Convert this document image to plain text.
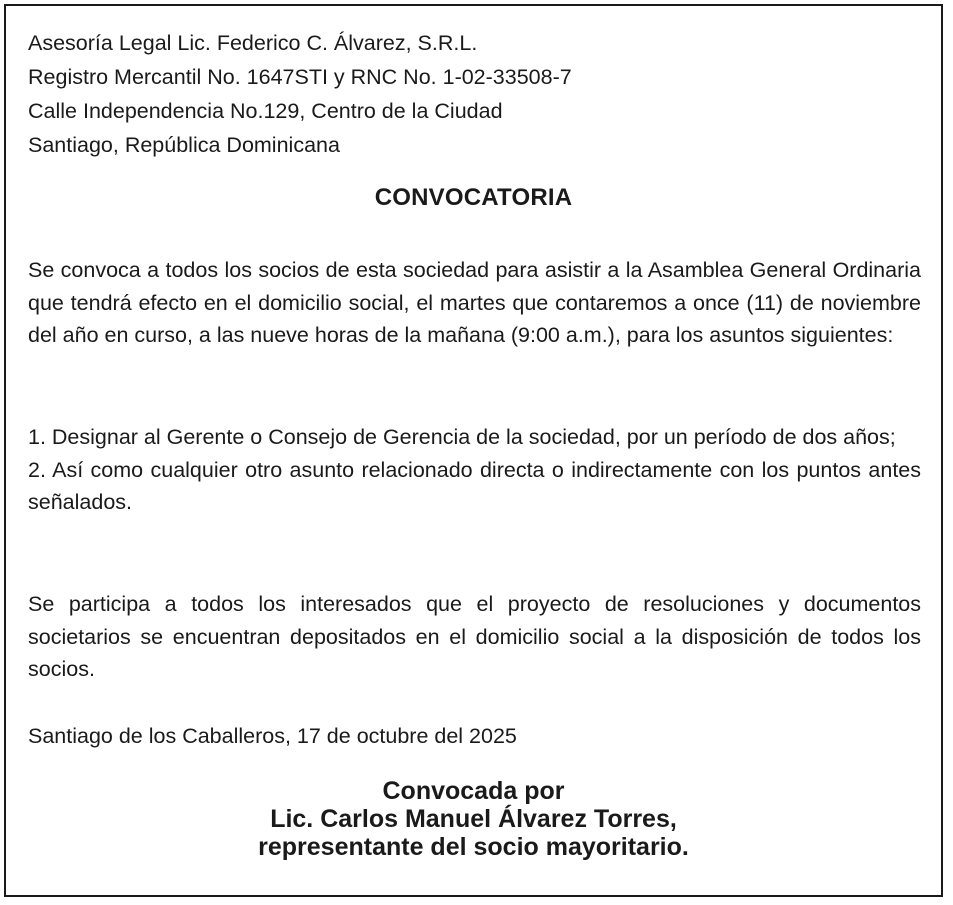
Asesoría Legal Lic. Federico C. Álvarez, S.R.L.
Registro Mercantil No. 1647STI y RNC No. 1-02-33508-7
Calle Independencia No.129, Centro de la Ciudad
Santiago, República Dominicana
CONVOCATORIA

Se convoca a todos los socios de esta sociedad para asistir a la Asamblea General Ordinaria que tendrá efecto en el domicilio social, el martes que contaremos a once (11) de noviembre del año en curso, a las nueve horas de la mañana (9:00 a.m.), para los asuntos siguientes:

1. Designar al Gerente o Consejo de Gerencia de la sociedad, por un período de dos años;
2. Así como cualquier otro asunto relacionado directa o indirectamente con los puntos antes señalados.

Se participa a todos los interesados que el proyecto de resoluciones y documentos societarios se encuentran depositados en el domicilio social a la disposición de todos los socios.

Santiago de los Caballeros, 17 de octubre del 2025
Convocada por
Lic. Carlos Manuel Álvarez Torres,
representante del socio mayoritario.
